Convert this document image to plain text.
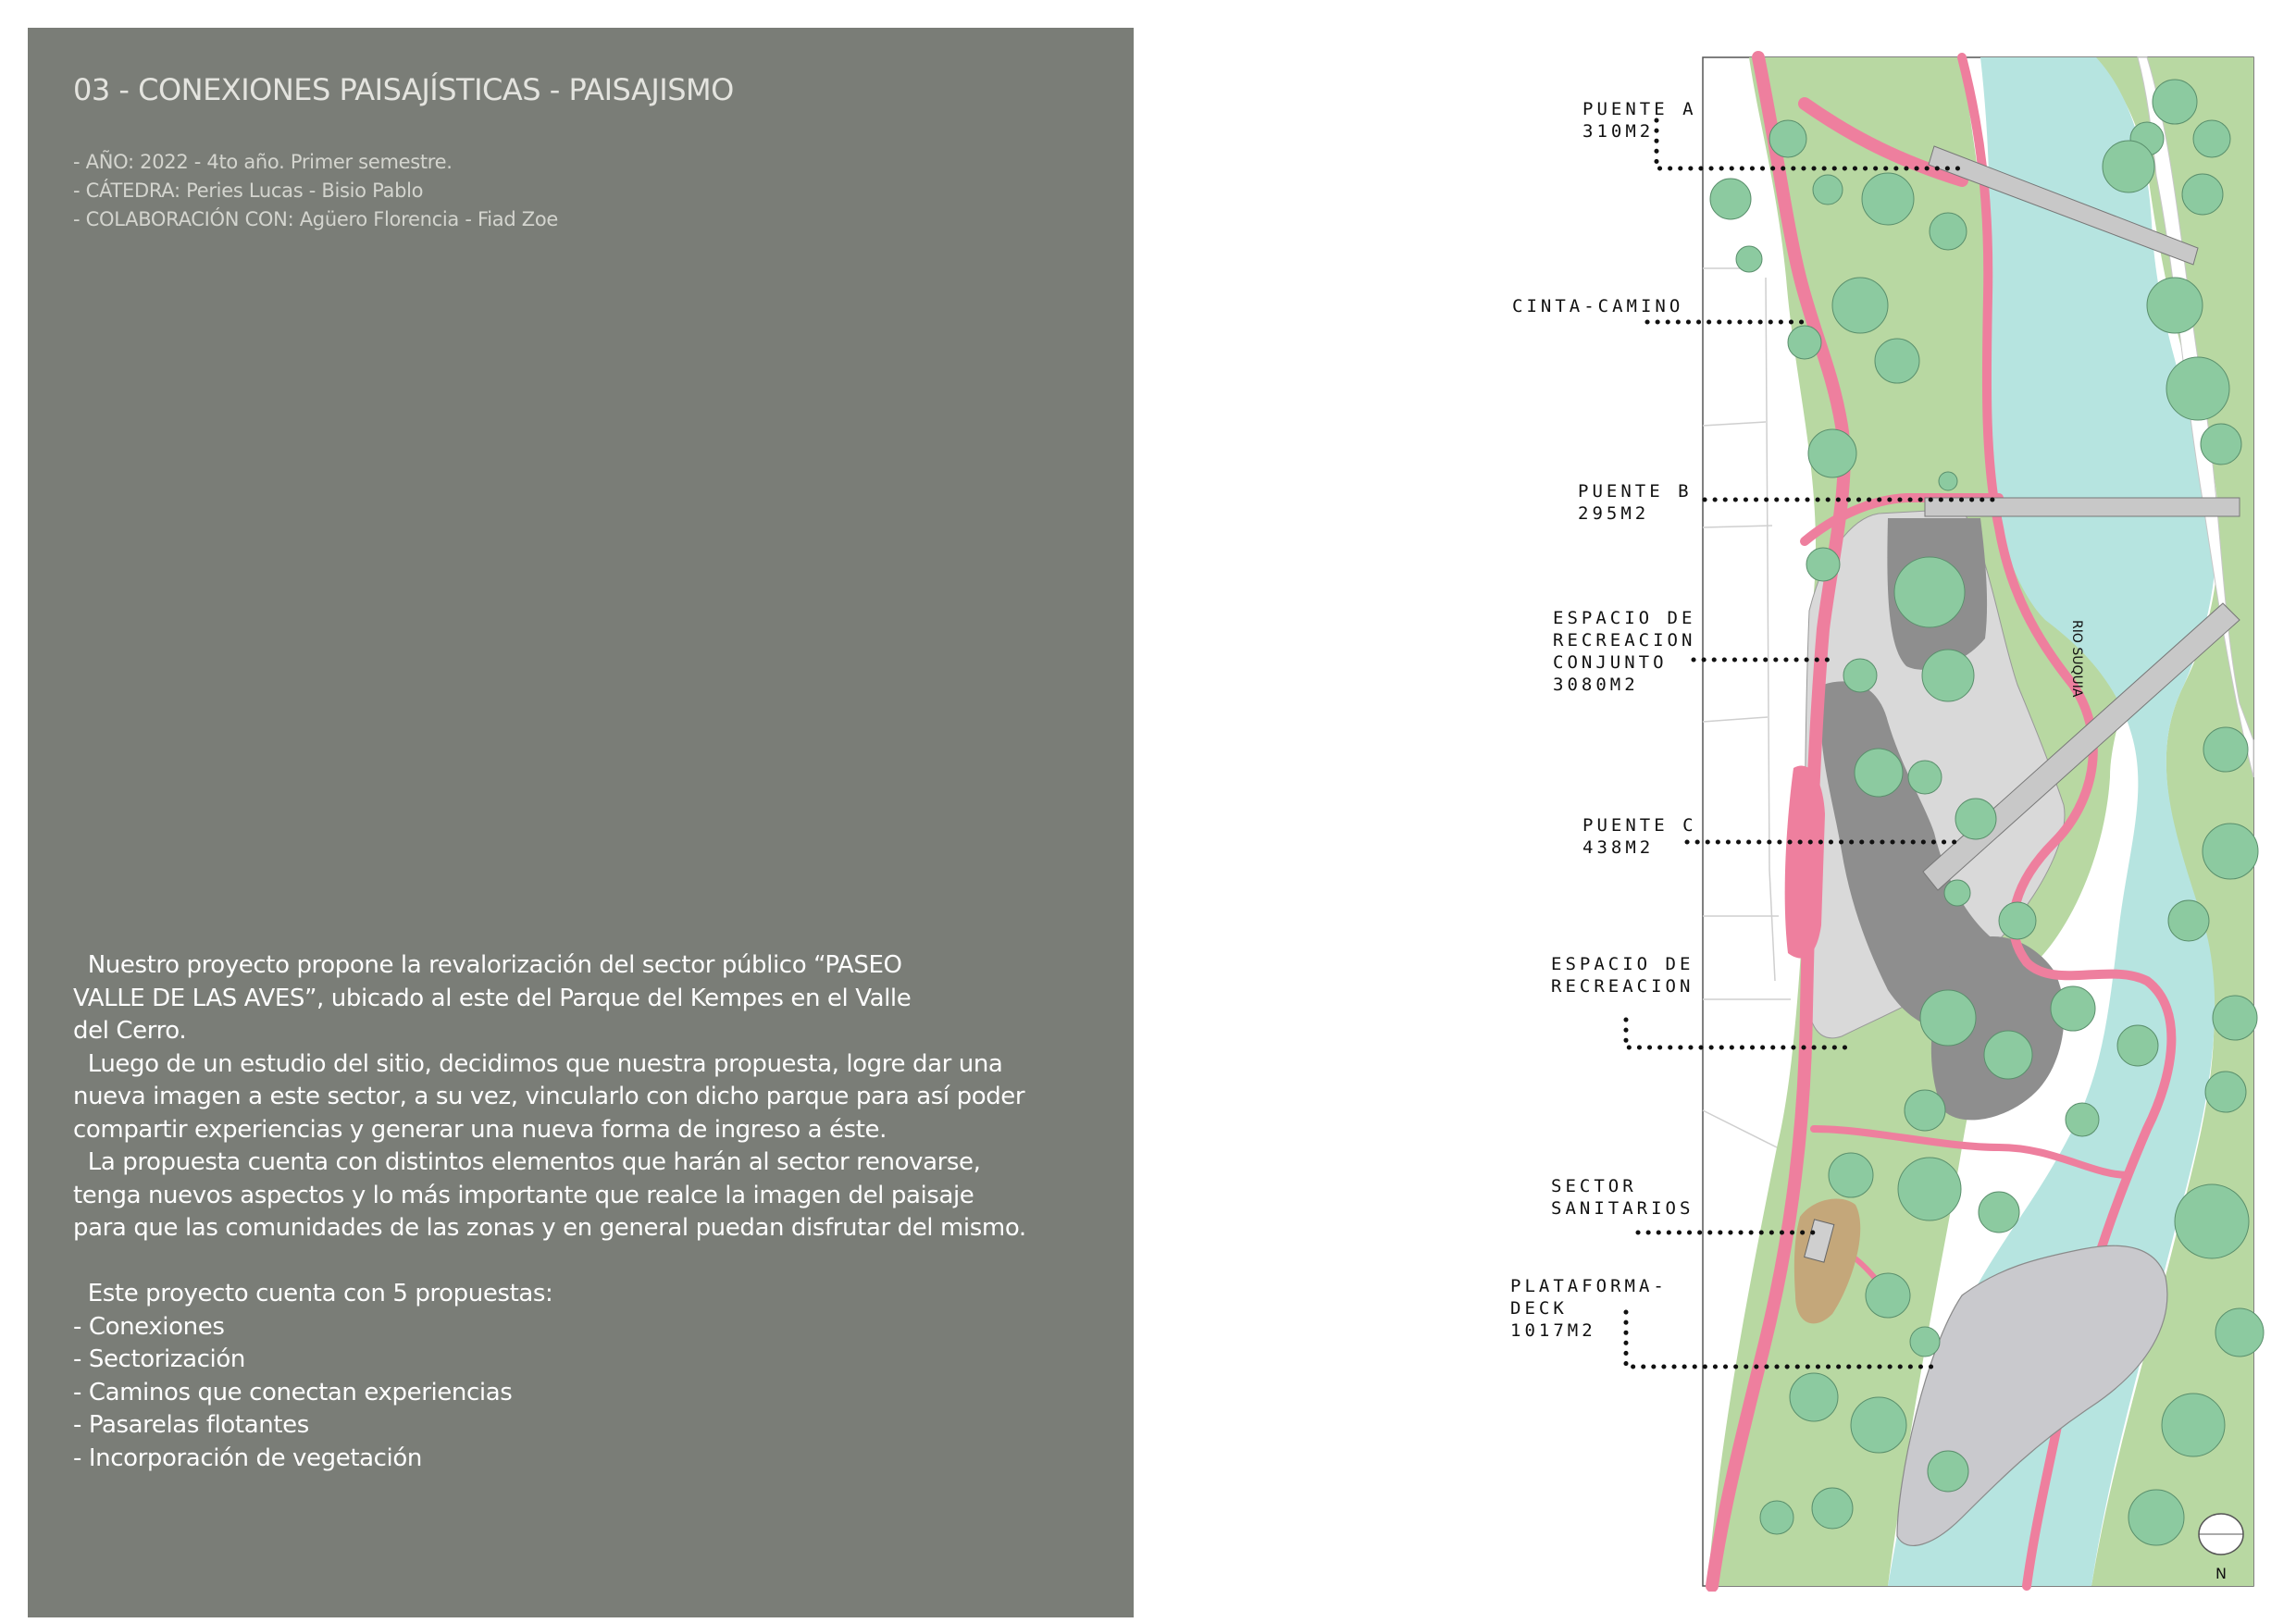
03 - CONEXIONES PAISAJÍSTICAS - PAISAJISMO
- AÑO: 2022 - 4to año. Primer semestre.
- CÁTEDRA: Peries Lucas - Bisio Pablo
- COLABORACIÓN CON: Agüero Florencia - Fiad Zoe

Nuestro proyecto propone la revalorización del sector público “PASEO

VALLE DE LAS AVES”, ubicado al este del Parque del Kempes en el Valle

del Cerro.

Luego de un estudio del sitio, decidimos que nuestra propuesta, logre dar una

nueva imagen a este sector, a su vez, vincularlo con dicho parque para así poder

compartir experiencias y generar una nueva forma de ingreso a éste.

La propuesta cuenta con distintos elementos que harán al sector renovarse,

tenga nuevos aspectos y lo más importante que realce la imagen del paisaje

para que las comunidades de las zonas y en general puedan disfrutar del mismo.

Este proyecto cuenta con 5 propuestas:

- Conexiones

- Sectorización

- Caminos que conectan experiencias

- Pasarelas flotantes

- Incorporación de vegetación

RIO SUQUIA
N
PUENTE A
310M2
CINTA-CAMINO
PUENTE B
295M2
ESPACIO DE
RECREACION
CONJUNTO
3080M2
PUENTE C
438M2
ESPACIO DE
RECREACION
SECTOR
SANITARIOS
PLATAFORMA-
DECK
1017M2
